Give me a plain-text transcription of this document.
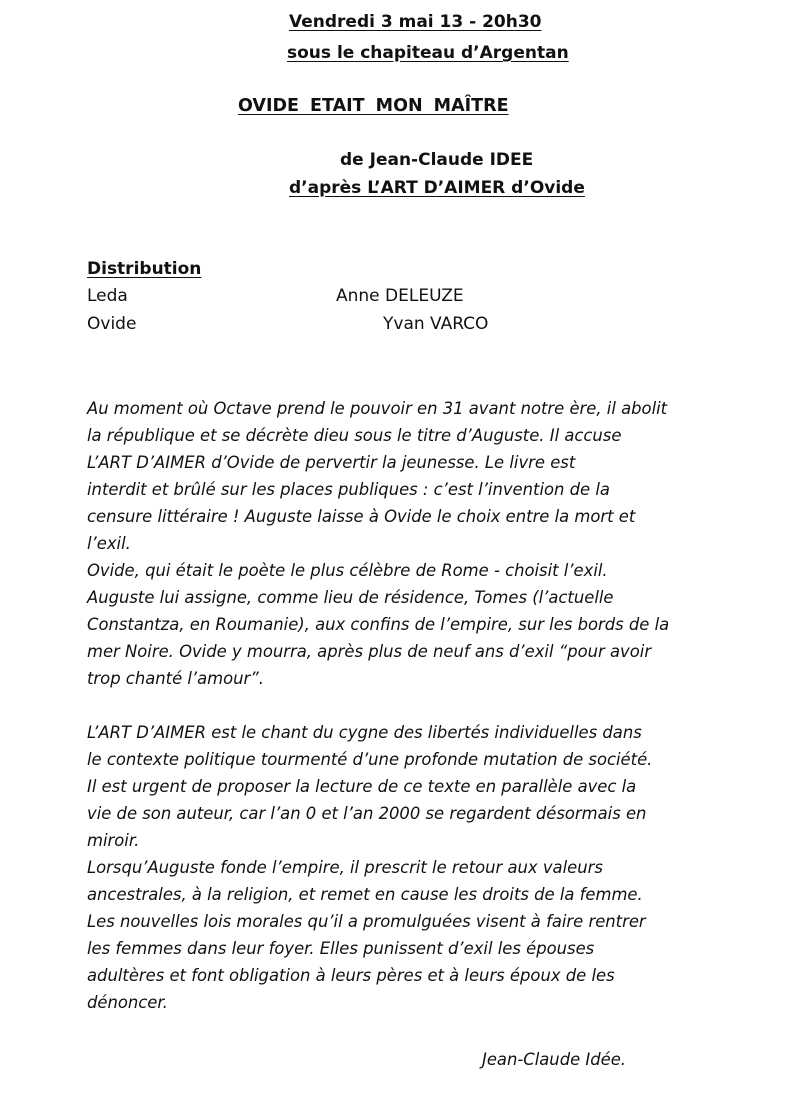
Vendredi 3 mai 13 - 20h30
sous le chapiteau d’Argentan
OVIDE ETAIT MON MAÎTRE
de Jean-Claude IDEE
d’après L’ART D’AIMER d’Ovide
Distribution
Leda	Anne DELEUZE
Ovide	Yvan VARCO
Au moment où Octave prend le pouvoir en 31 avant notre ère, il abolit
la république et se décrète dieu sous le titre d’Auguste. Il accuse
L’ART D’AIMER d’Ovide de pervertir la jeunesse. Le livre est
interdit et brûlé sur les places publiques : c’est l’invention de la
censure littéraire ! Auguste laisse à Ovide le choix entre la mort et
l’exil.
Ovide, qui était le poète le plus célèbre de Rome - choisit l’exil.
Auguste lui assigne, comme lieu de résidence, Tomes (l’actuelle
Constantza, en Roumanie), aux confins de l’empire, sur les bords de la
mer Noire. Ovide y mourra, après plus de neuf ans d’exil “pour avoir
trop chanté l’amour”.
L’ART D’AIMER est le chant du cygne des libertés individuelles dans
le contexte politique tourmenté d’une profonde mutation de société.
Il est urgent de proposer la lecture de ce texte en parallèle avec la
vie de son auteur, car l’an 0 et l’an 2000 se regardent désormais en
miroir.
Lorsqu’Auguste fonde l’empire, il prescrit le retour aux valeurs
ancestrales, à la religion, et remet en cause les droits de la femme.
Les nouvelles lois morales qu’il a promulguées visent à faire rentrer
les femmes dans leur foyer. Elles punissent d’exil les épouses
adultères et font obligation à leurs pères et à leurs époux de les
dénoncer.
Jean-Claude Idée.
